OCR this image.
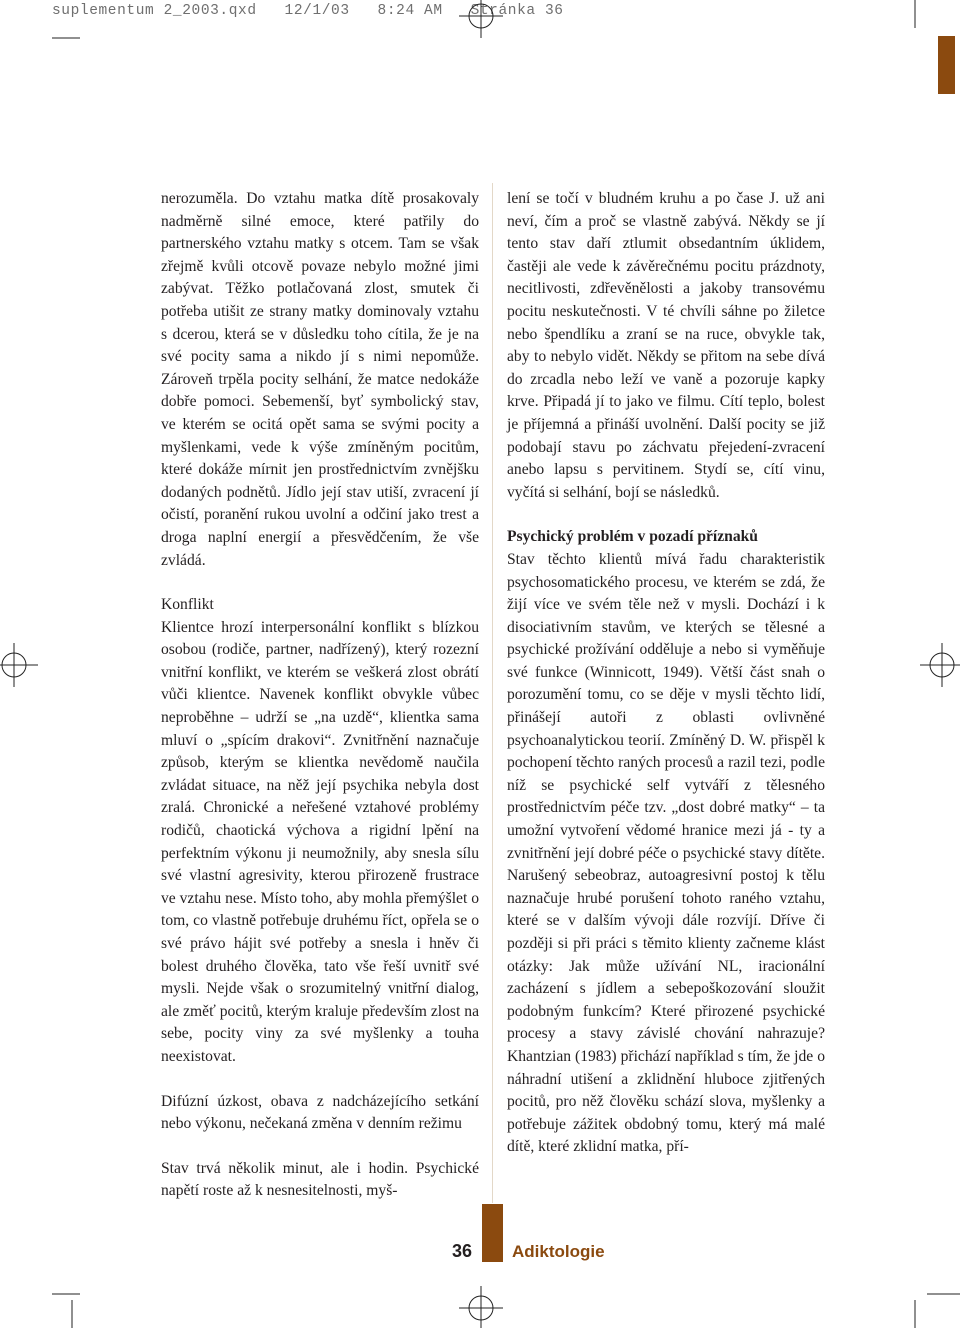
suplementum 2_2003.qxd   12/1/03   8:24 AM   Stránka 36

nerozuměla. Do vztahu matka dítě prosakovaly nadměrně silné emoce, které patřily do partnerského vztahu matky s otcem. Tam se však zřejmě kvůli otcově povaze nebylo možné jimi zabývat. Těžko potlačovaná zlost, smutek či potřeba utišit ze strany matky dominovaly vztahu s dcerou, která se v důsledku toho cítila, že je na své pocity sama a nikdo jí s nimi nepomůže. Zároveň trpěla pocity selhání, že matce nedokáže dobře pomoci. Sebemenší, byť symbolický stav, ve kterém se ocitá opět sama se svými pocity a myšlenkami, vede k výše zmíněným pocitům, které dokáže mírnit jen prostřednictvím zvnějšku dodaných podnětů. Jídlo její stav utiší, zvracení jí očistí, poranění rukou uvolní a odčiní jako trest a droga naplní energií a přesvědčením, že vše zvládá.

Konflikt

Klientce hrozí interpersonální konflikt s blízkou osobou (rodiče, partner, nadřízený), který rozezní vnitřní konflikt, ve kterém se veškerá zlost obrátí vůči klientce. Navenek konflikt obvykle vůbec neproběhne – udrží se „na uzdě“, klientka sama mluví o „spícím drakovi“. Zvnitřnění naznačuje způsob, kterým se klientka nevědomě naučila zvládat situace, na něž její psychika nebyla dost zralá. Chronické a neřešené vztahové problémy rodičů, chaotická výchova a rigidní lpění na perfektním výkonu ji neumožnily, aby snesla sílu své vlastní agresivity, kterou přirozeně frustrace ve vztahu nese. Místo toho, aby mohla přemýšlet o tom, co vlastně potřebuje druhému říct, opřela se o své právo hájit své potřeby a snesla i hněv či bolest druhého člověka, tato vše řeší uvnitř své mysli. Nejde však o srozumitelný vnitřní dialog, ale změť pocitů, kterým kraluje především zlost na sebe, pocity viny za své myšlenky a touha neexistovat.

Difúzní úzkost, obava z nadcházejícího setkání nebo výkonu, nečekaná změna v denním režimu

Stav trvá několik minut, ale i hodin. Psychické napětí roste až k nesnesitelnosti, myš-

lení se točí v bludném kruhu a po čase J. už ani neví, čím a proč se vlastně zabývá. Někdy se jí tento stav daří ztlumit obsedantním úklidem, častěji ale vede k závěrečnému pocitu prázdnoty, necitlivosti, zdřevěnělosti a jakoby transovému pocitu neskutečnosti. V té chvíli sáhne po žiletce nebo špendlíku a zraní se na ruce, obvykle tak, aby to nebylo vidět. Někdy se přitom na sebe dívá do zrcadla nebo leží ve vaně a pozoruje kapky krve. Připadá jí to jako ve filmu. Cítí teplo, bolest je příjemná a přináší uvolnění. Další pocity se již podobají stavu po záchvatu přejedení-zvracení anebo lapsu s pervitinem. Stydí se, cítí vinu, vyčítá si selhání, bojí se následků.

Psychický problém v pozadí příznaků

Stav těchto klientů mívá řadu charakteristik psychosomatického procesu, ve kterém se zdá, že žijí více ve svém těle než v mysli. Dochází i k disociativním stavům, ve kterých se tělesné a psychické prožívání odděluje a nebo si vyměňuje své funkce (Winnicott, 1949). Větší část snah o porozumění tomu, co se děje v mysli těchto lidí, přinášejí autoři z oblasti ovlivněné psychoanalytickou teorií. Zmíněný D. W. přispěl k pochopení těchto raných procesů a razil tezi, podle níž se psychické self vytváří z tělesného prostřednictvím péče tzv. „dost dobré matky“ – ta umožní vytvoření vědomé hranice mezi já - ty a zvnitřnění její dobré péče o psychické stavy dítěte. Narušený sebeobraz, autoagresivní postoj k tělu naznačuje hrubé porušení tohoto raného vztahu, které se v dalším vývoji dále rozvíjí. Dříve či později si při práci s těmito klienty začneme klást otázky: Jak může užívání NL, iracionální zacházení s jídlem a sebepoškozování sloužit podobným funkcím? Které přirozené psychické procesy a stavy závislé chování nahrazuje? Khantzian (1983) přichází například s tím, že jde o náhradní utišení a zklidnění hluboce zjitřených pocitů, pro něž člověku schází slova, myšlenky a potřebuje zážitek obdobný tomu, který má malé dítě, které zklidní matka, pří-

36 Adiktologie
